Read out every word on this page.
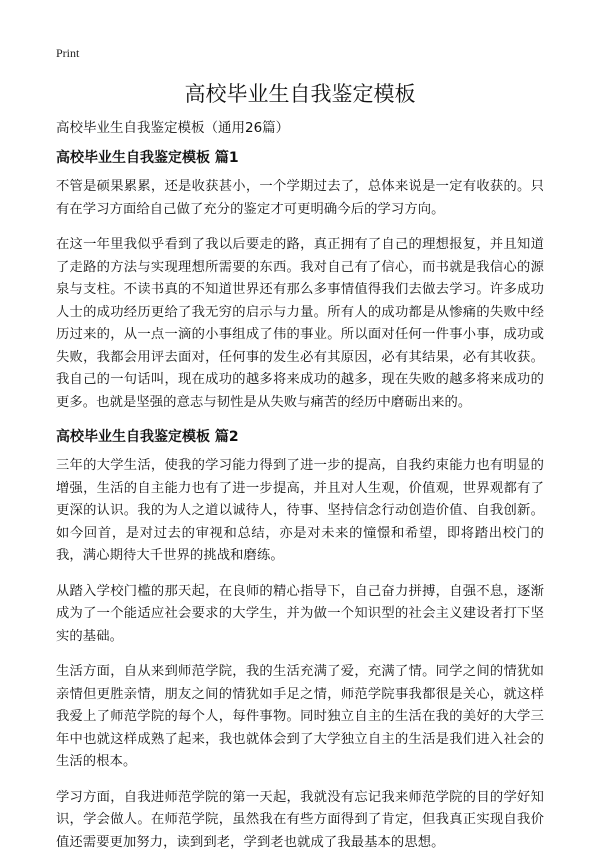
Print
高校毕业生自我鉴定模板
高校毕业生自我鉴定模板（通用26篇）
高校毕业生自我鉴定模板 篇1

不管是硕果累累，还是收获甚小，一个学期过去了，总体来说是一定有收获的。只有在学习方面给自己做了充分的鉴定才可更明确今后的学习方向。

在这一年里我似乎看到了我以后要走的路，真正拥有了自己的理想报复，并且知道了走路的方法与实现理想所需要的东西。我对自己有了信心，而书就是我信心的源泉与支柱。不读书真的不知道世界还有那么多事情值得我们去做去学习。许多成功人士的成功经历更给了我无穷的启示与力量。所有人的成功都是从惨痛的失败中经历过来的，从一点一滴的小事组成了伟的事业。所以面对任何一件事小事，成功或失败，我都会用评去面对，任何事的发生必有其原因，必有其结果，必有其收获。我自己的一句话叫，现在成功的越多将来成功的越多，现在失败的越多将来成功的更多。也就是坚强的意志与韧性是从失败与痛苦的经历中磨砺出来的。

高校毕业生自我鉴定模板 篇2

三年的大学生活，使我的学习能力得到了进一步的提高，自我约束能力也有明显的增强，生活的自主能力也有了进一步提高，并且对人生观，价值观，世界观都有了更深的认识。我的为人之道以诚待人，待事、坚持信念行动创造价值、自我创新。如今回首，是对过去的审视和总结，亦是对未来的憧憬和希望，即将踏出校门的我，满心期待大千世界的挑战和磨练。

从踏入学校门槛的那天起，在良师的精心指导下，自己奋力拼搏，自强不息，逐渐成为了一个能适应社会要求的大学生，并为做一个知识型的社会主义建设者打下坚实的基础。

生活方面，自从来到师范学院，我的生活充满了爱，充满了情。同学之间的情犹如亲情但更胜亲情，朋友之间的情犹如手足之情，师范学院事我都很是关心，就这样我爱上了师范学院的每个人，每件事物。同时独立自主的生活在我的美好的大学三年中也就这样成熟了起来，我也就体会到了大学独立自主的生活是我们进入社会的生活的根本。

学习方面，自我进师范学院的第一天起，我就没有忘记我来师范学院的目的学好知识，学会做人。在师范学院，虽然我在有些方面得到了肯定，但我真正实现自我价值还需要更加努力，读到到老，学到老也就成了我最基本的思想。
